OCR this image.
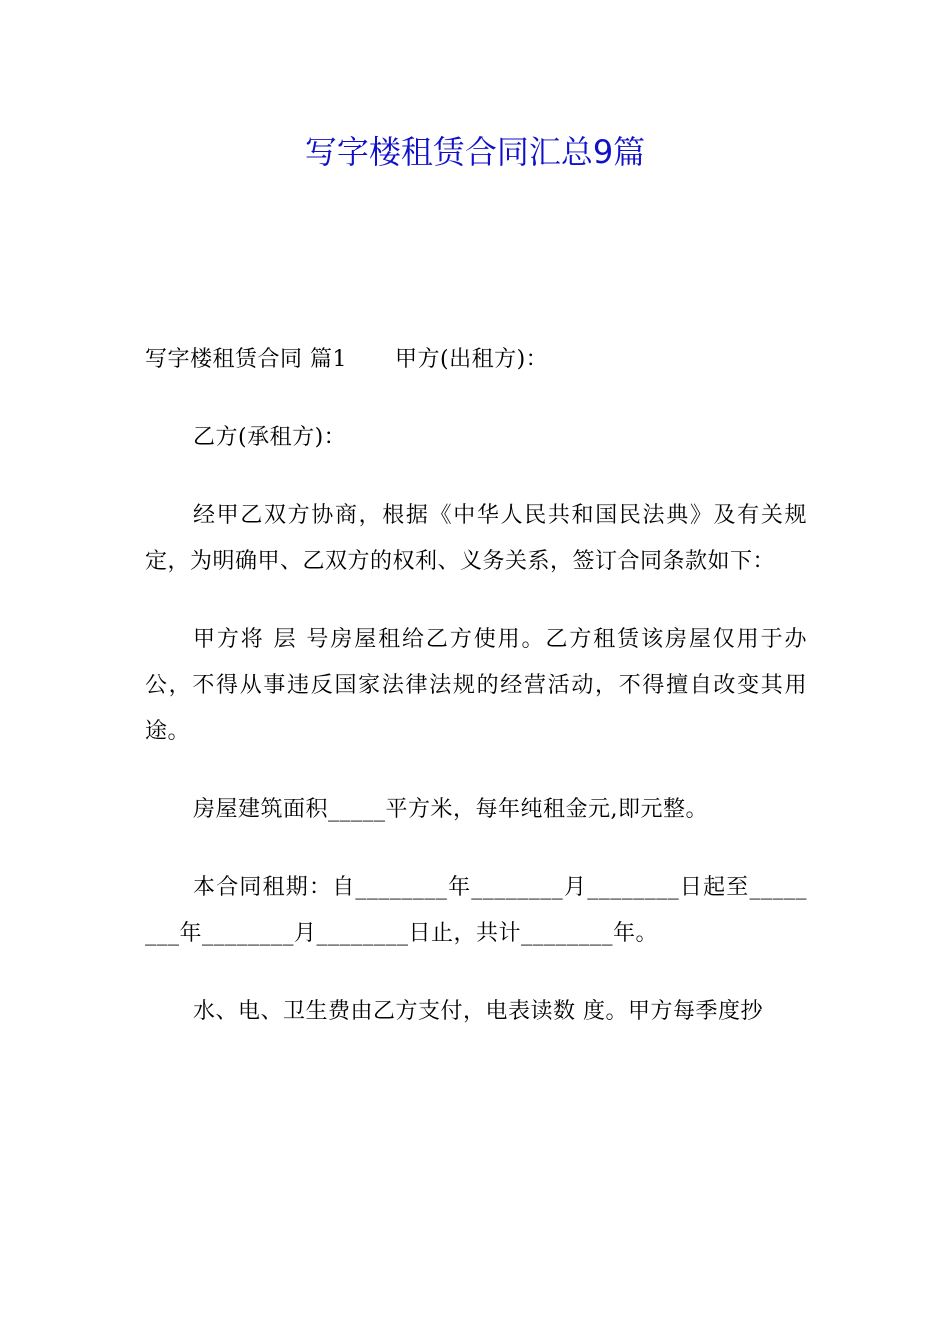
写字楼租赁合同汇总9篇

写字楼租赁合同 篇1 甲方(出租方)：

乙方(承租方)：

经甲乙双方协商，根据《中华人民共和国民法典》及有关规定，为明确甲、乙双方的权利、义务关系，签订合同条款如下：

甲方将 层 号房屋租给乙方使用。乙方租赁该房屋仅用于办公，不得从事违反国家法律法规的经营活动，不得擅自改变其用途。

房屋建筑面积_____平方米，每年纯租金元,即元整。

本合同租期：自________年________月________日起至________年________月________日止，共计________年。

水、电、卫生费由乙方支付，电表读数 度。甲方每季度抄
